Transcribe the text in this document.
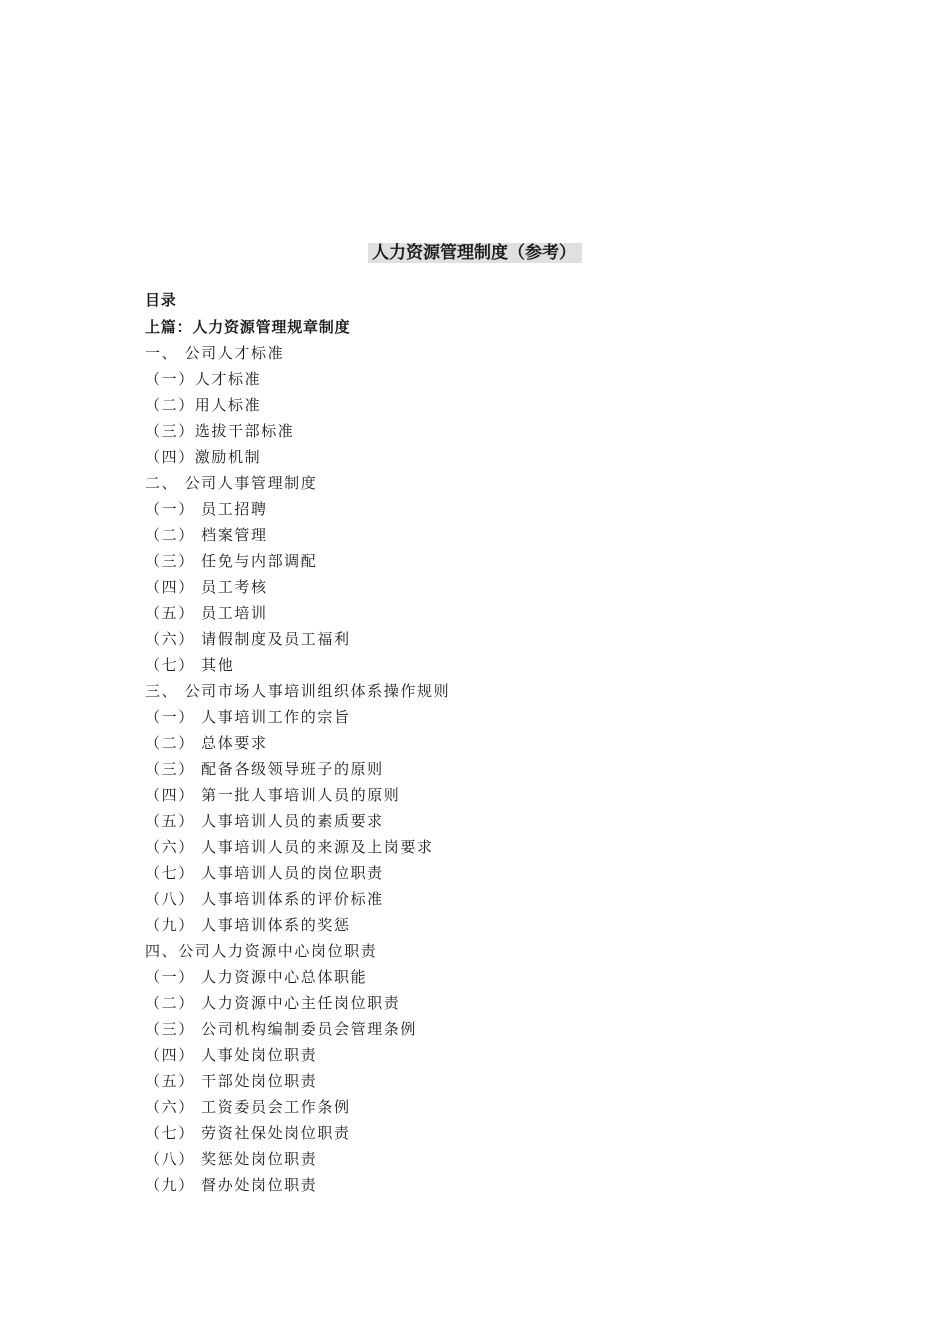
人力资源管理制度（参考）
目录
上篇：人力资源管理规章制度
一、 公司人才标准
（一）人才标准
（二）用人标准
（三）选拔干部标准
（四）激励机制
二、 公司人事管理制度
（一） 员工招聘
（二） 档案管理
（三） 任免与内部调配
（四） 员工考核
（五） 员工培训
（六） 请假制度及员工福利
（七） 其他
三、 公司市场人事培训组织体系操作规则
（一） 人事培训工作的宗旨
（二） 总体要求
（三） 配备各级领导班子的原则
（四） 第一批人事培训人员的原则
（五） 人事培训人员的素质要求
（六） 人事培训人员的来源及上岗要求
（七） 人事培训人员的岗位职责
（八） 人事培训体系的评价标准
（九） 人事培训体系的奖惩
四、公司人力资源中心岗位职责
（一） 人力资源中心总体职能
（二） 人力资源中心主任岗位职责
（三） 公司机构编制委员会管理条例
（四） 人事处岗位职责
（五） 干部处岗位职责
（六） 工资委员会工作条例
（七） 劳资社保处岗位职责
（八） 奖惩处岗位职责
（九） 督办处岗位职责
